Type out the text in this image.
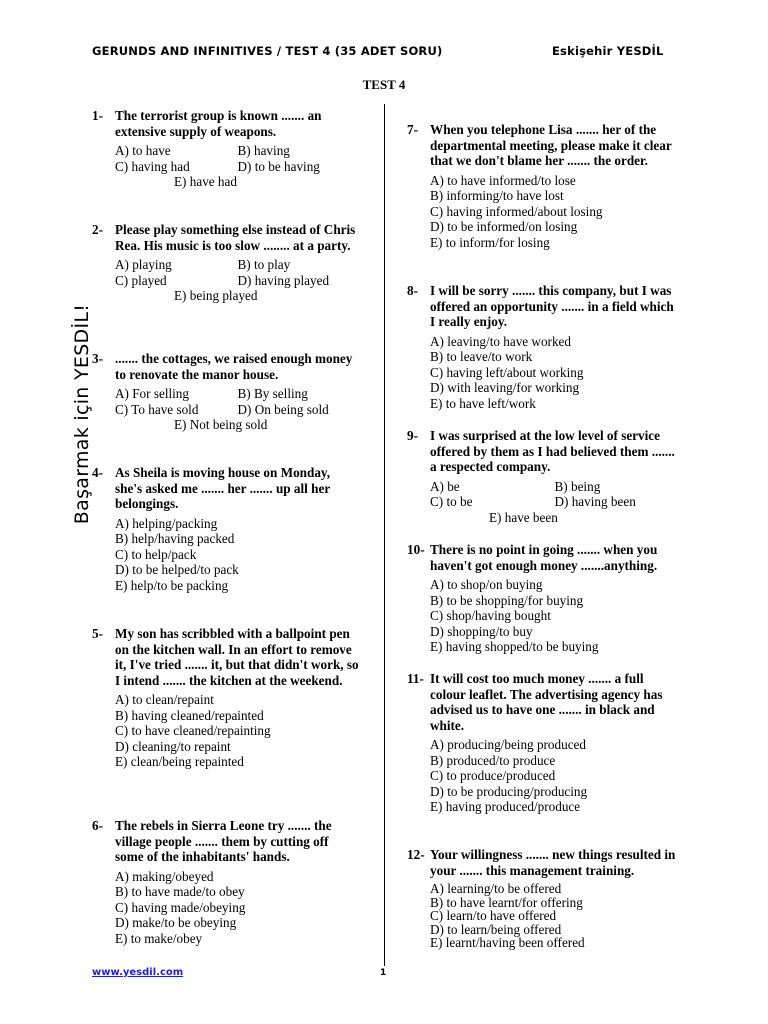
GERUNDS AND INFINITIVES / TEST 4 (35 ADET SORU)	Eskişehir YESDİL
TEST 4
Başarmak için YESDİL!
1- The terrorist group is known ....... an extensive supply of weapons.
A) to have	B) having
C) having had	D) to be having
E) have had
2- Please play something else instead of Chris Rea. His music is too slow ........ at a party.
A) playing	B) to play
C) played	D) having played
E) being played
3- ....... the cottages, we raised enough money to renovate the manor house.
A) For selling	B) By selling
C) To have sold	D) On being sold
E) Not being sold
4- As Sheila is moving house on Monday, she's asked me ....... her ....... up all her belongings.
A) helping/packing
B) help/having packed
C) to help/pack
D) to be helped/to pack
E) help/to be packing
5- My son has scribbled with a ballpoint pen on the kitchen wall. In an effort to remove it, I've tried ....... it, but that didn't work, so I intend ....... the kitchen at the weekend.
A) to clean/repaint
B) having cleaned/repainted
C) to have cleaned/repainting
D) cleaning/to repaint
E) clean/being repainted
6- The rebels in Sierra Leone try ....... the village people ....... them by cutting off some of the inhabitants' hands.
A) making/obeyed
B) to have made/to obey
C) having made/obeying
D) make/to be obeying
E) to make/obey
7- When you telephone Lisa ....... her of the departmental meeting, please make it clear that we don't blame her ....... the order.
A) to have informed/to lose
B) informing/to have lost
C) having informed/about losing
D) to be informed/on losing
E) to inform/for losing
8- I will be sorry ....... this company, but I was offered an opportunity ....... in a field which I really enjoy.
A) leaving/to have worked
B) to leave/to work
C) having left/about working
D) with leaving/for working
E) to have left/work
9- I was surprised at the low level of service offered by them as I had believed them ....... a respected company.
A) be	B) being
C) to be	D) having been
E) have been
10- There is no point in going ....... when you haven't got enough money .......anything.
A) to shop/on buying
B) to be shopping/for buying
C) shop/having bought
D) shopping/to buy
E) having shopped/to be buying
11- It will cost too much money ....... a full colour leaflet. The advertising agency has advised us to have one ....... in black and white.
A) producing/being produced
B) produced/to produce
C) to produce/produced
D) to be producing/producing
E) having produced/produce
12- Your willingness ....... new things resulted in your ....... this management training.
A) learning/to be offered
B) to have learnt/for offering
C) learn/to have offered
D) to learn/being offered
E) learnt/having been offered
www.yesdil.com	1
